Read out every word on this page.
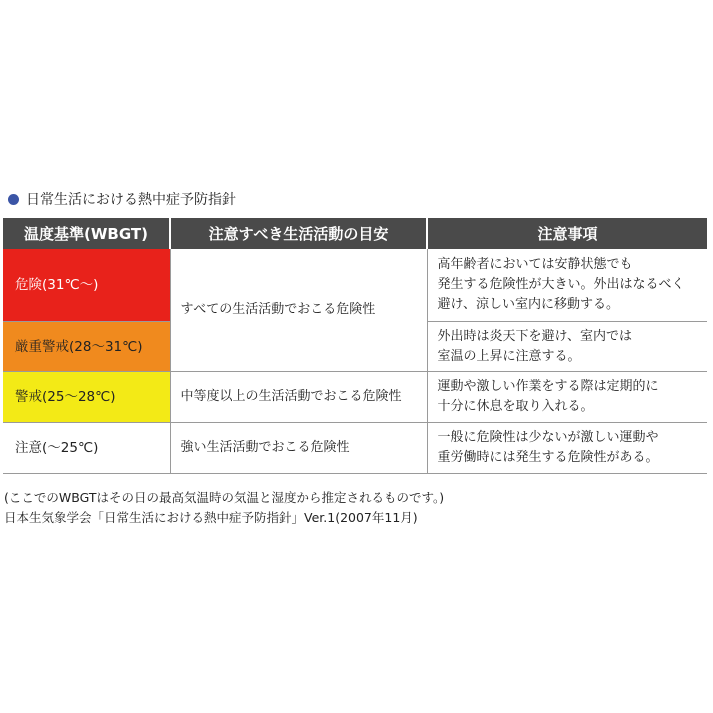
日常生活における熱中症予防指針
温度基準(WBGT)	注意すべき生活活動の目安	注意事項
危険(31℃〜)	すべての生活活動でおこる危険性	高年齢者においては安静状態でも
発生する危険性が大きい。外出はなるべく
避け、涼しい室内に移動する。

厳重警戒(28〜31℃)		外出時は炎天下を避け、室内では
室温の上昇に注意する。

警戒(25〜28℃)	中等度以上の生活活動でおこる危険性	運動や激しい作業をする際は定期的に
十分に休息を取り入れる。

注意(〜25℃)	強い生活活動でおこる危険性	一般に危険性は少ないが激しい運動や
重労働時には発生する危険性がある。
(ここでのWBGTはその日の最高気温時の気温と湿度から推定されるものです。)
日本生気象学会「日常生活における熱中症予防指針」Ver.1(2007年11月)
